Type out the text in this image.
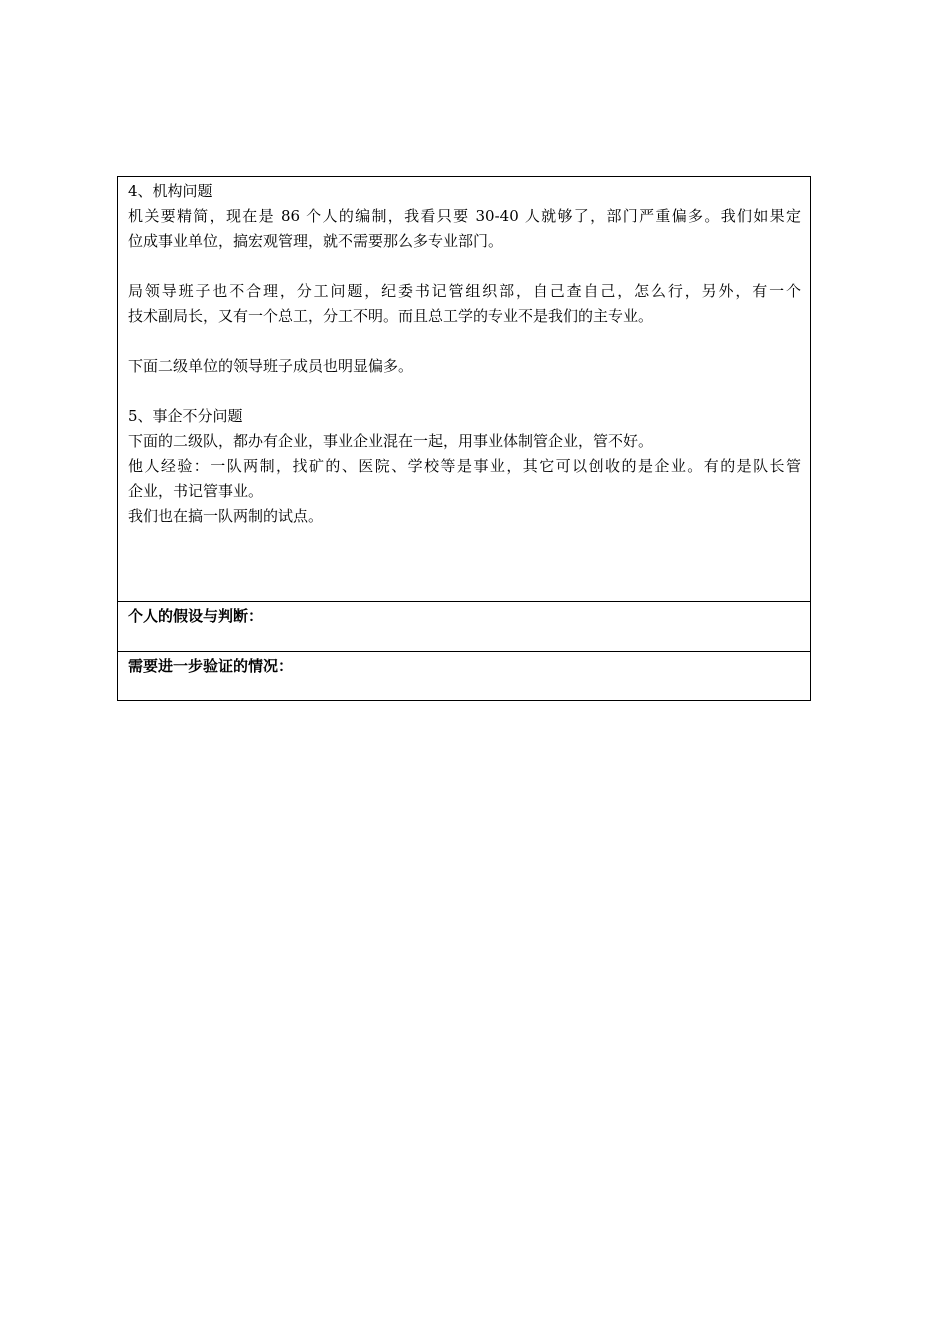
4、机构问题
机关要精简，现在是 86 个人的编制，我看只要 30-40 人就够了，部门严重偏多。我们如果定
位成事业单位，搞宏观管理，就不需要那么多专业部门。
局领导班子也不合理，分工问题，纪委书记管组织部，自己查自己，怎么行，另外，有一个
技术副局长，又有一个总工，分工不明。而且总工学的专业不是我们的主专业。
下面二级单位的领导班子成员也明显偏多。
5、事企不分问题
下面的二级队，都办有企业，事业企业混在一起，用事业体制管企业，管不好。
他人经验：一队两制，找矿的、医院、学校等是事业，其它可以创收的是企业。有的是队长管
企业，书记管事业。
我们也在搞一队两制的试点。
个人的假设与判断：
需要进一步验证的情况：
